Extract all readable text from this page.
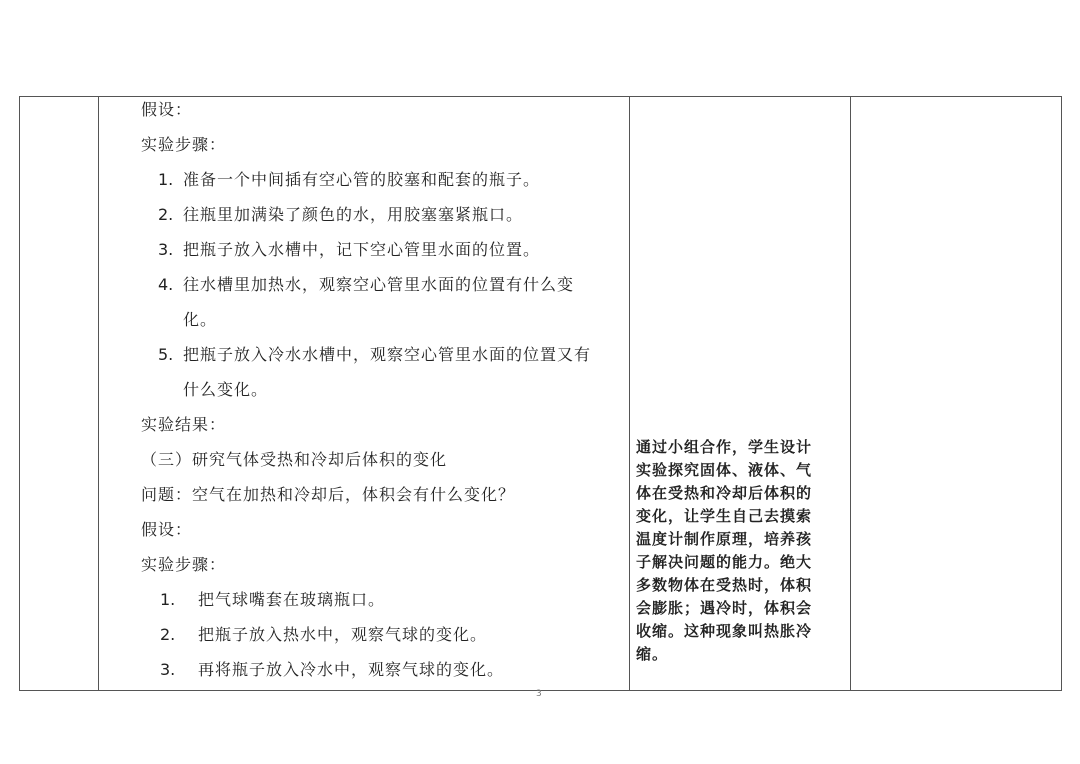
假设：
实验步骤：
1. 准备一个中间插有空心管的胶塞和配套的瓶子。
2. 往瓶里加满染了颜色的水，用胶塞塞紧瓶口。
3. 把瓶子放入水槽中，记下空心管里水面的位置。
4. 往水槽里加热水，观察空心管里水面的位置有什么变
化。
5. 把瓶子放入冷水水槽中，观察空心管里水面的位置又有
什么变化。
实验结果：
（三）研究气体受热和冷却后体积的变化
问题：空气在加热和冷却后，体积会有什么变化？
假设：
实验步骤：
1. 把气球嘴套在玻璃瓶口。
2. 把瓶子放入热水中，观察气球的变化。
3. 再将瓶子放入冷水中，观察气球的变化。
通过小组合作，学生设计
实验探究固体、液体、气
体在受热和冷却后体积的
变化，让学生自己去摸索
温度计制作原理，培养孩
子解决问题的能力。绝大
多数物体在受热时，体积
会膨胀；遇冷时，体积会
收缩。这种现象叫热胀冷
缩。
3
